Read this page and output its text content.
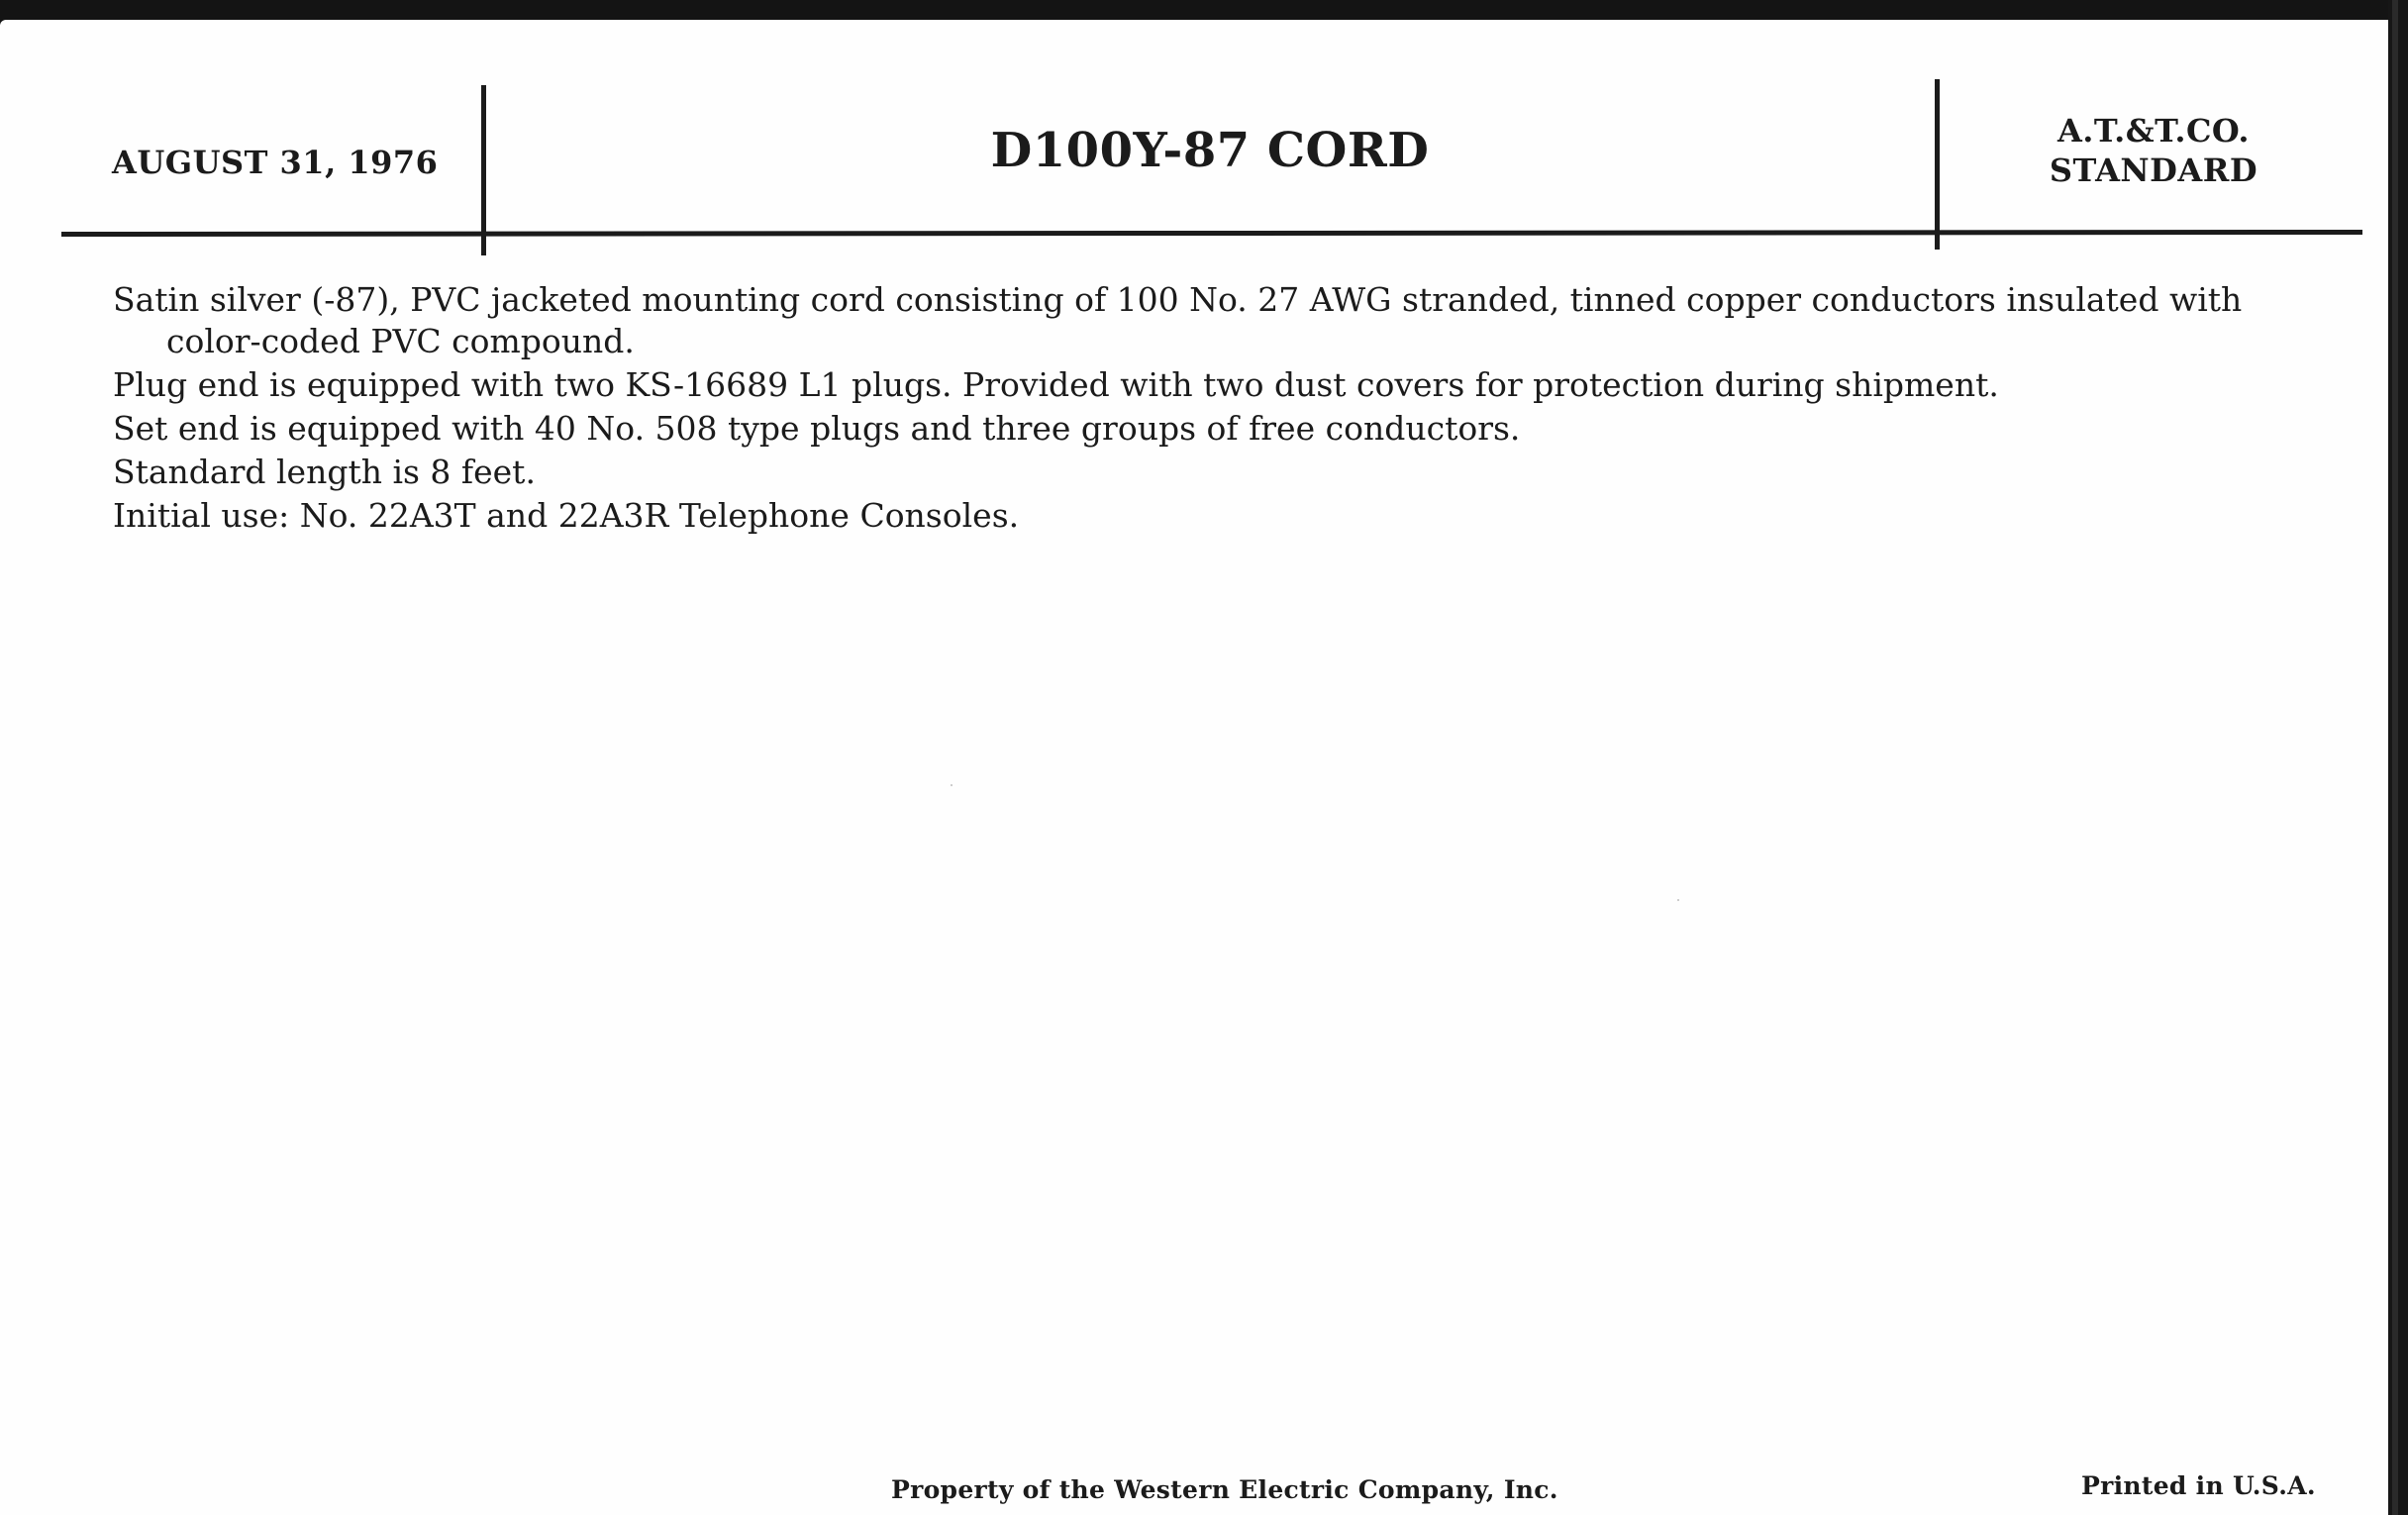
AUGUST 31, 1976	D100Y-87 CORD	A.T.&T.CO.
STANDARD

Satin silver (-87), PVC jacketed mounting cord consisting of 100 No. 27 AWG stranded, tinned copper conductors insulated with color-coded PVC compound.

Plug end is equipped with two KS-16689 L1 plugs. Provided with two dust covers for protection during shipment.

Set end is equipped with 40 No. 508 type plugs and three groups of free conductors.

Standard length is 8 feet.

Initial use: No. 22A3T and 22A3R Telephone Consoles.

Property of the Western Electric Company, Inc.	Printed in U.S.A.
